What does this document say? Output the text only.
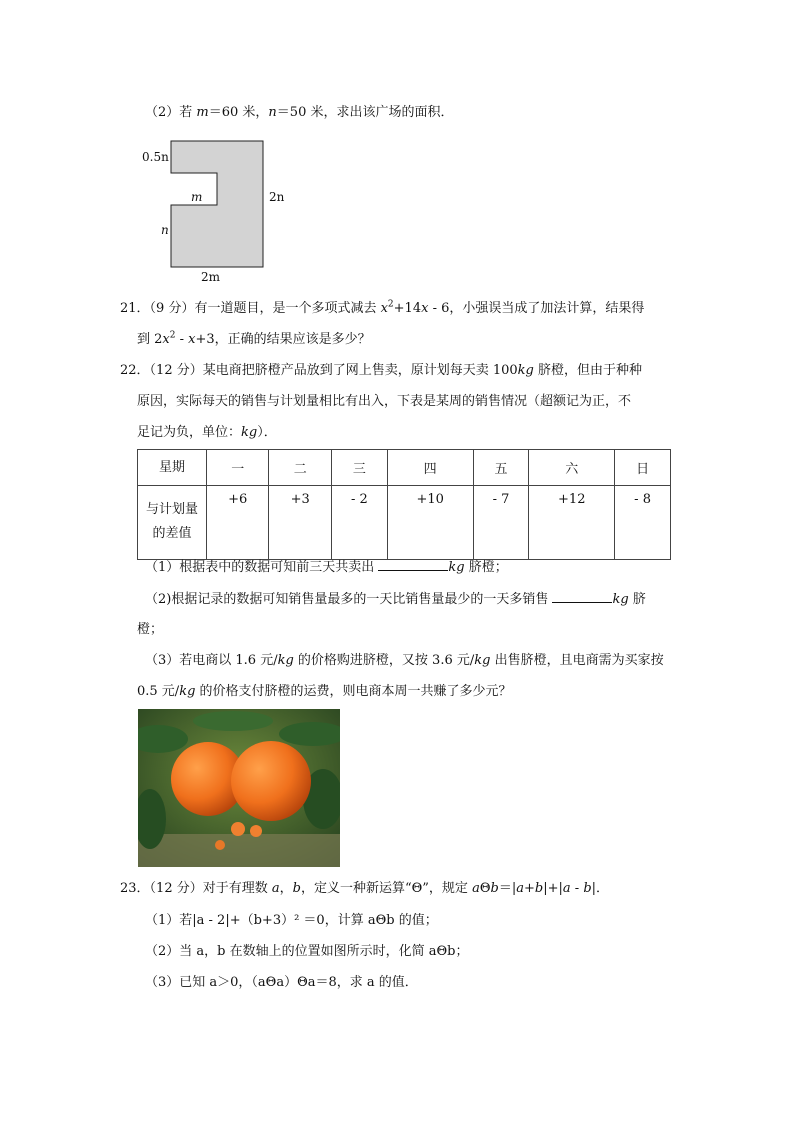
（2）若 m＝60 米，n＝50 米，求出该广场的面积．
0.5n
m	2n
n
2m
21．（9 分）有一道题目，是一个多项式减去 $x^2+14x - 6$，小强误当成了加法计算，结果得
到 $2x^2 - x+3$，正确的结果应该是多少？
22．（12 分）某电商把脐橙产品放到了网上售卖，原计划每天卖 100kg 脐橙，但由于种种
原因，实际每天的销售与计划量相比有出入，下表是某周的销售情况（超额记为正，不
足记为负，单位：kg）．
星期	一	二	三	四	五	六	日

与计划量
的差值	+6	+3	- 2	+10	- 7	+12	- 8
（1）根据表中的数据可知前三天共卖出	kg 脐橙；
（2)根据记录的数据可知销售量最多的一天比销售量最少的一天多销售	kg 脐
橙；
（3）若电商以 1.6 元/kg 的价格购进脐橙，又按 3.6 元/kg 出售脐橙，且电商需为买家按
0.5 元/kg 的价格支付脐橙的运费，则电商本周一共赚了多少元？
23．（12 分）对于有理数 a，b，定义一种新运算“Θ”，规定 aΘb＝|a+b|+|a - b|．
（1）若|a - 2|+（b+3）² ＝0，计算 aΘb 的值；
（2）当 a，b 在数轴上的位置如图所示时，化简 aΘb；
（3）已知 a＞0，（aΘa）Θa＝8，求 a 的值．
